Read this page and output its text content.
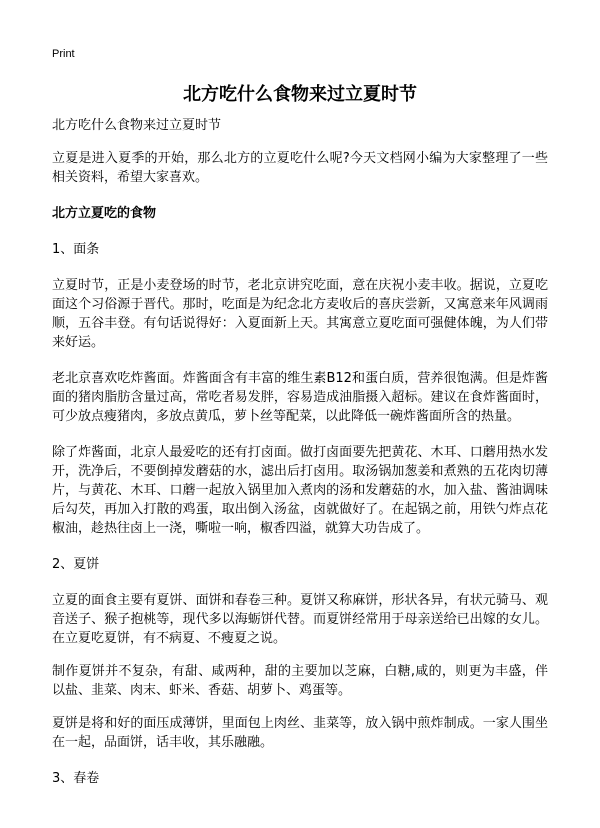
Print
北方吃什么食物来过立夏时节

北方吃什么食物来过立夏时节

立夏是进入夏季的开始，那么北方的立夏吃什么呢?今天文档网小编为大家整理了一些相关资料，希望大家喜欢。

北方立夏吃的食物

1、面条

立夏时节，正是小麦登场的时节，老北京讲究吃面，意在庆祝小麦丰收。据说，立夏吃面这个习俗源于晋代。那时，吃面是为纪念北方麦收后的喜庆尝新，又寓意来年风调雨顺，五谷丰登。有句话说得好：入夏面新上天。其寓意立夏吃面可强健体魄，为人们带来好运。

老北京喜欢吃炸酱面。炸酱面含有丰富的维生素B12和蛋白质，营养很饱满。但是炸酱面的猪肉脂肪含量过高，常吃者易发胖，容易造成油脂摄入超标。建议在食炸酱面时，可少放点瘦猪肉，多放点黄瓜，萝卜丝等配菜，以此降低一碗炸酱面所含的热量。

除了炸酱面，北京人最爱吃的还有打卤面。做打卤面要先把黄花、木耳、口蘑用热水发开，洗净后，不要倒掉发蘑菇的水，滤出后打卤用。取汤锅加葱姜和煮熟的五花肉切薄片，与黄花、木耳、口蘑一起放入锅里加入煮肉的汤和发蘑菇的水，加入盐、酱油调味后勾芡，再加入打散的鸡蛋，取出倒入汤盆，卤就做好了。在起锅之前，用铁勺炸点花椒油，趁热往卤上一浇，嘶啦一响，椒香四溢，就算大功告成了。

2、夏饼

立夏的面食主要有夏饼、面饼和春卷三种。夏饼又称麻饼，形状各异，有状元骑马、观音送子、猴子抱桃等，现代多以海蛎饼代替。而夏饼经常用于母亲送给已出嫁的女儿。在立夏吃夏饼，有不病夏、不瘦夏之说。

制作夏饼并不复杂，有甜、咸两种，甜的主要加以芝麻，白糖,咸的，则更为丰盛，伴以盐、韭菜、肉末、虾米、香菇、胡萝卜、鸡蛋等。

夏饼是将和好的面压成薄饼，里面包上肉丝、韭菜等，放入锅中煎炸制成。一家人围坐在一起，品面饼，话丰收，其乐融融。

3、春卷
